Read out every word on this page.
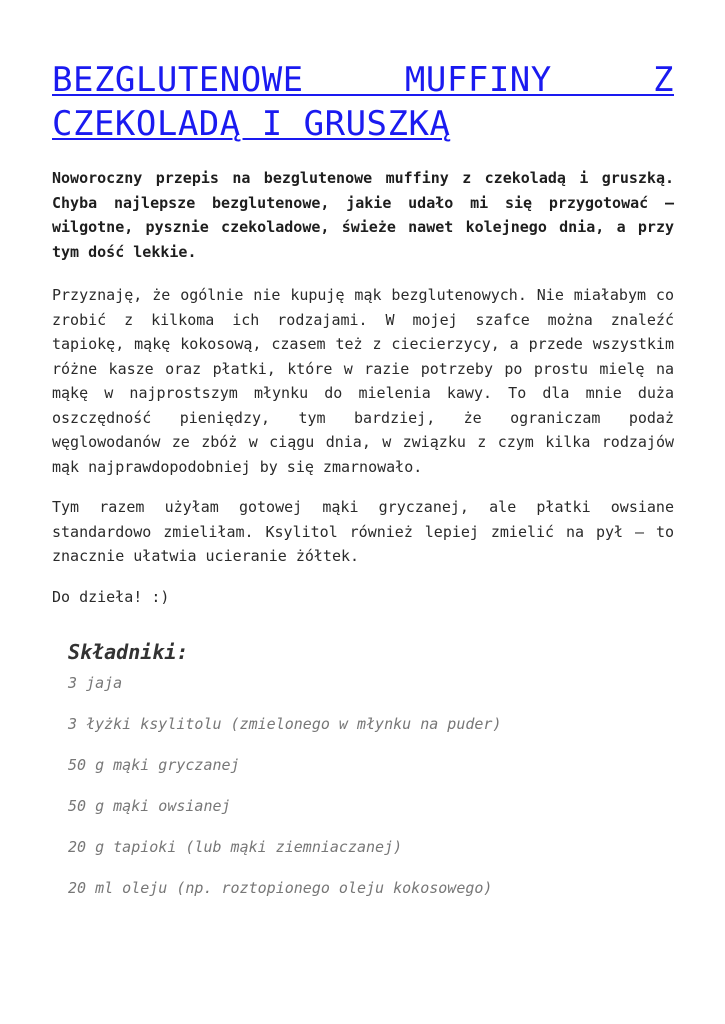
BEZGLUTENOWE MUFFINY Z CZEKOLADĄ I GRUSZKĄ

Noworoczny przepis na bezglutenowe muffiny z czekoladą i gruszką. Chyba najlepsze bezglutenowe, jakie udało mi się przygotować – wilgotne, pysznie czekoladowe, świeże nawet kolejnego dnia, a przy tym dość lekkie.

Przyznaję, że ogólnie nie kupuję mąk bezglutenowych. Nie miałabym co zrobić z kilkoma ich rodzajami. W mojej szafce można znaleźć tapiokę, mąkę kokosową, czasem też z ciecierzycy, a przede wszystkim różne kasze oraz płatki, które w razie potrzeby po prostu mielę na mąkę w najprostszym młynku do mielenia kawy. To dla mnie duża oszczędność pieniędzy, tym bardziej, że ograniczam podaż węglowodanów ze zbóż w ciągu dnia, w związku z czym kilka rodzajów mąk najprawdopodobniej by się zmarnowało.

Tym razem użyłam gotowej mąki gryczanej, ale płatki owsiane standardowo zmieliłam. Ksylitol również lepiej zmielić na pył – to znacznie ułatwia ucieranie żółtek.

Do dzieła! :)

Składniki:
3 jaja
3 łyżki ksylitolu (zmielonego w młynku na puder)
50 g mąki gryczanej
50 g mąki owsianej
20 g tapioki (lub mąki ziemniaczanej)
20 ml oleju (np. roztopionego oleju kokosowego)
